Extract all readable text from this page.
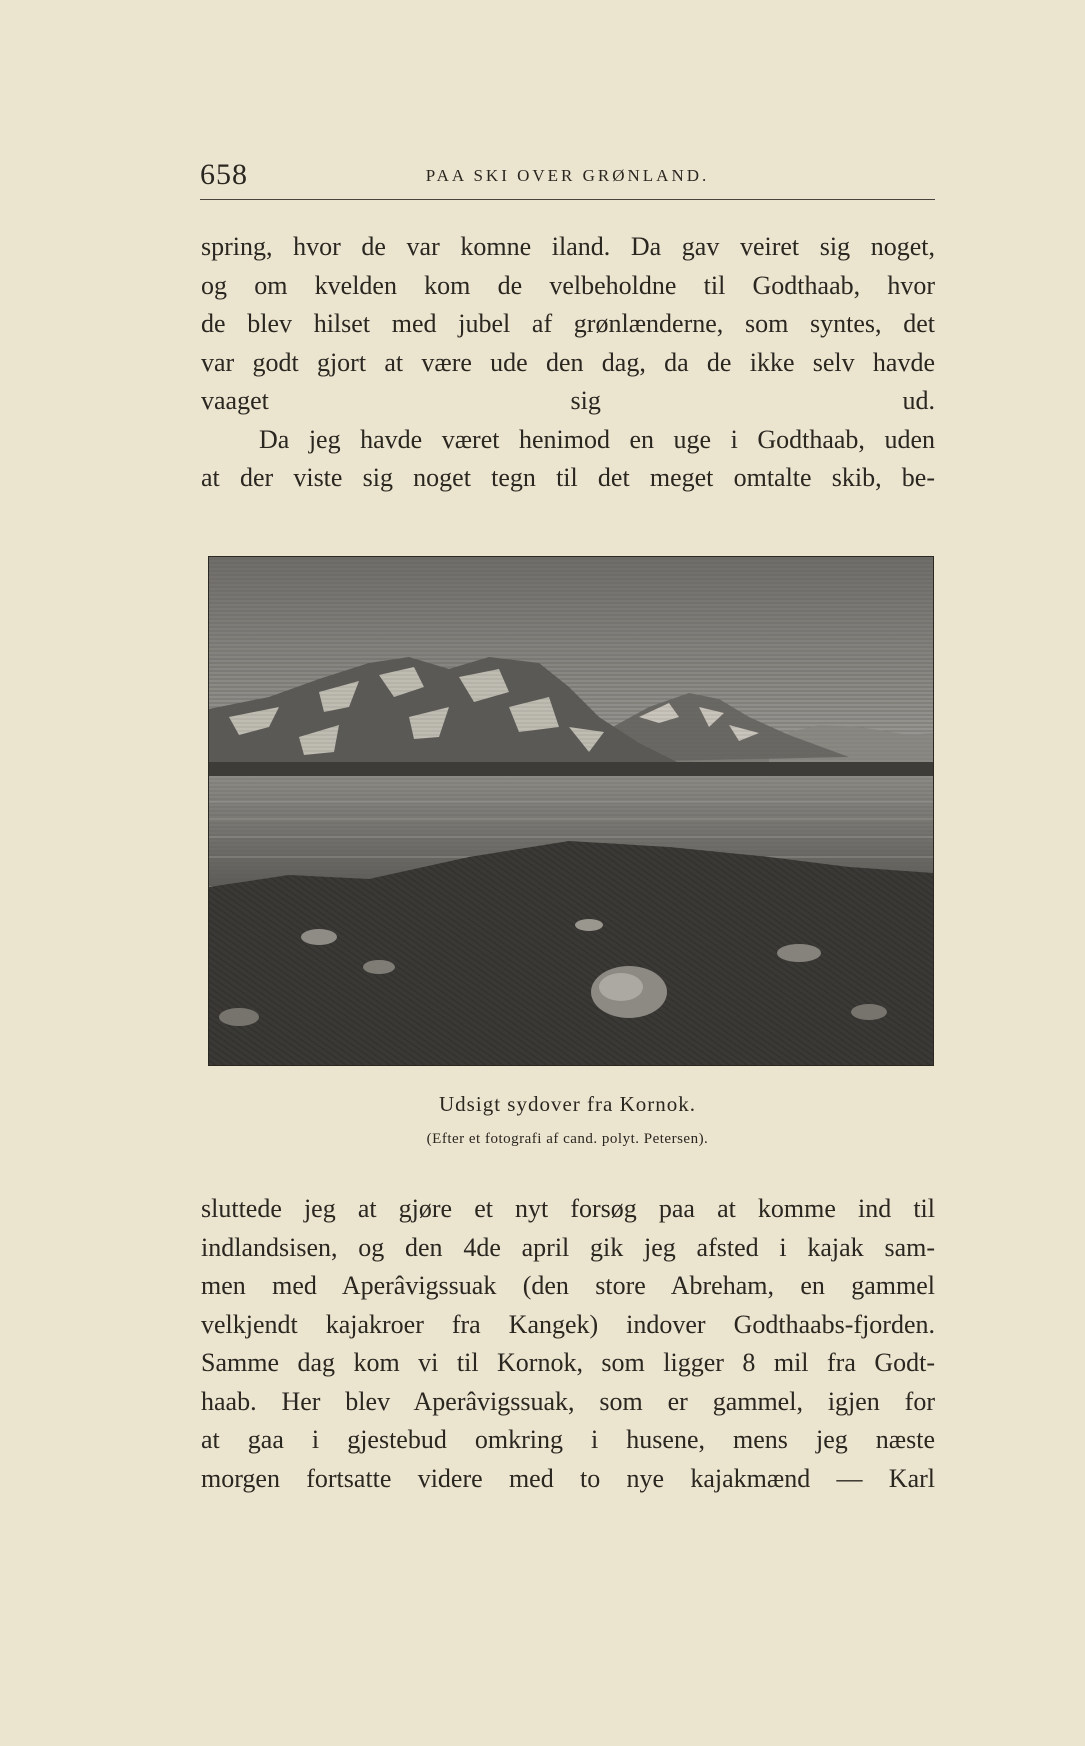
658	PAA SKI OVER GRØNLAND.

spring, hvor de var komne iland. Da gav veiret sig noget,
og om kvelden kom de velbeholdne til Godthaab, hvor
de blev hilset med jubel af grønlænderne, som syntes, det
var godt gjort at være ude den dag, da de ikke selv havde
vaaget sig ud.

Da jeg havde været henimod en uge i Godthaab, uden
at der viste sig noget tegn til det meget omtalte skib, be-

Udsigt sydover fra Kornok.
(Efter et fotografi af cand. polyt. Petersen).

sluttede jeg at gjøre et nyt forsøg paa at komme ind til
indlandsisen, og den 4de april gik jeg afsted i kajak sam-
men med Aperâvigssuak (den store Abreham, en gammel
velkjendt kajakroer fra Kangek) indover Godthaabs-fjorden.
Samme dag kom vi til Kornok, som ligger 8 mil fra Godt-
haab. Her blev Aperâvigssuak, som er gammel, igjen for
at gaa i gjestebud omkring i husene, mens jeg næste
morgen fortsatte videre med to nye kajakmænd — Karl
